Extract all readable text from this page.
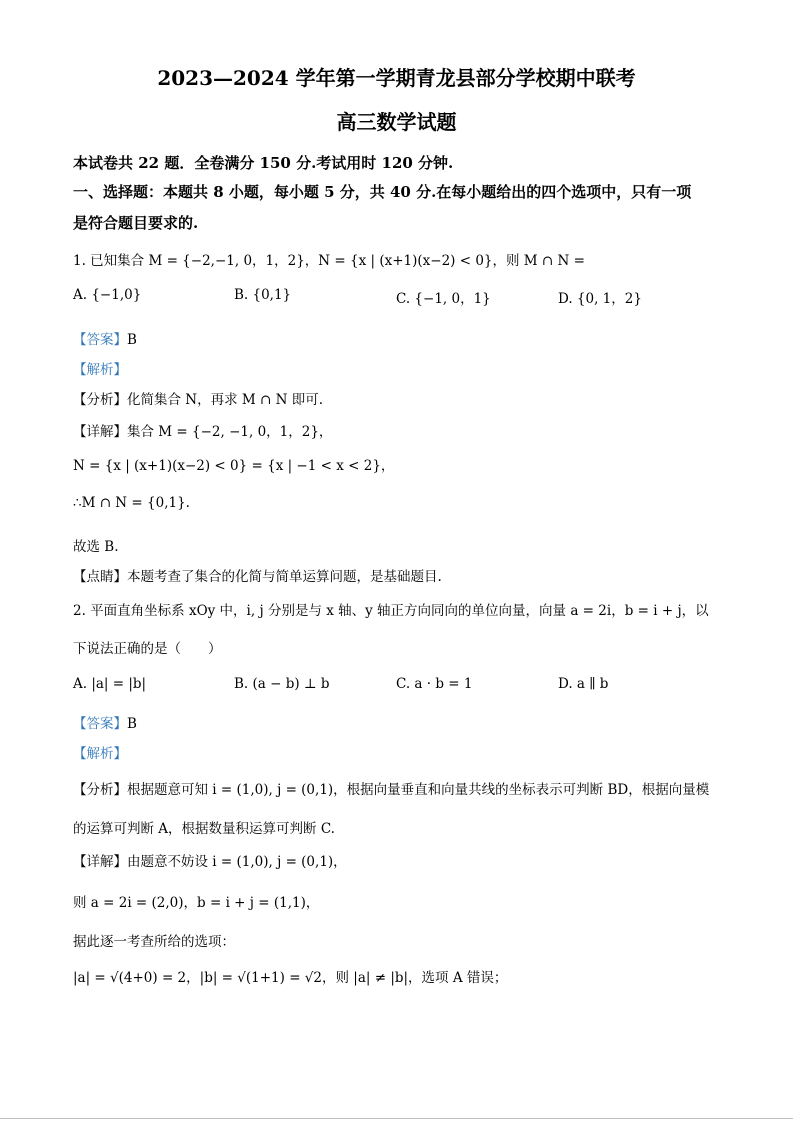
2023—2024 学年第一学期青龙县部分学校期中联考
高三数学试题
本试卷共 22 题．全卷满分 150 分.考试用时 120 分钟.
一、选择题：本题共 8 小题，每小题 5 分，共 40 分.在每小题给出的四个选项中，只有一项
是符合题目要求的.
1. 已知集合 M = {−2,−1, 0，1，2}，N = {x | (x+1)(x−2) < 0}，则 M ∩ N =
A. {−1,0}	B. {0,1}	C. {−1, 0，1}	D. {0, 1，2}
【答案】B
【解析】
【分析】化简集合 N，再求 M ∩ N 即可.
【详解】集合 M = {−2, −1, 0，1，2}，
N = {x | (x+1)(x−2) < 0} = {x | −1 < x < 2}，
∴M ∩ N = {0,1}.
故选 B.
【点睛】本题考查了集合的化简与简单运算问题，是基础题目.
2. 平面直角坐标系 xOy 中，i, j 分别是与 x 轴、y 轴正方向同向的单位向量，向量 a = 2i，b = i + j，以
下说法正确的是（　　）
A. |a| = |b|	B. (a − b) ⊥ b	C. a · b = 1	D. a ∥ b
【答案】B
【解析】
【分析】根据题意可知 i = (1,0), j = (0,1)，根据向量垂直和向量共线的坐标表示可判断 BD，根据向量模
的运算可判断 A，根据数量积运算可判断 C.
【详解】由题意不妨设 i = (1,0), j = (0,1)，
则 a = 2i = (2,0)，b = i + j = (1,1)，
据此逐一考查所给的选项：
|a| = √(4+0) = 2，|b| = √(1+1) = √2，则 |a| ≠ |b|，选项 A 错误；
